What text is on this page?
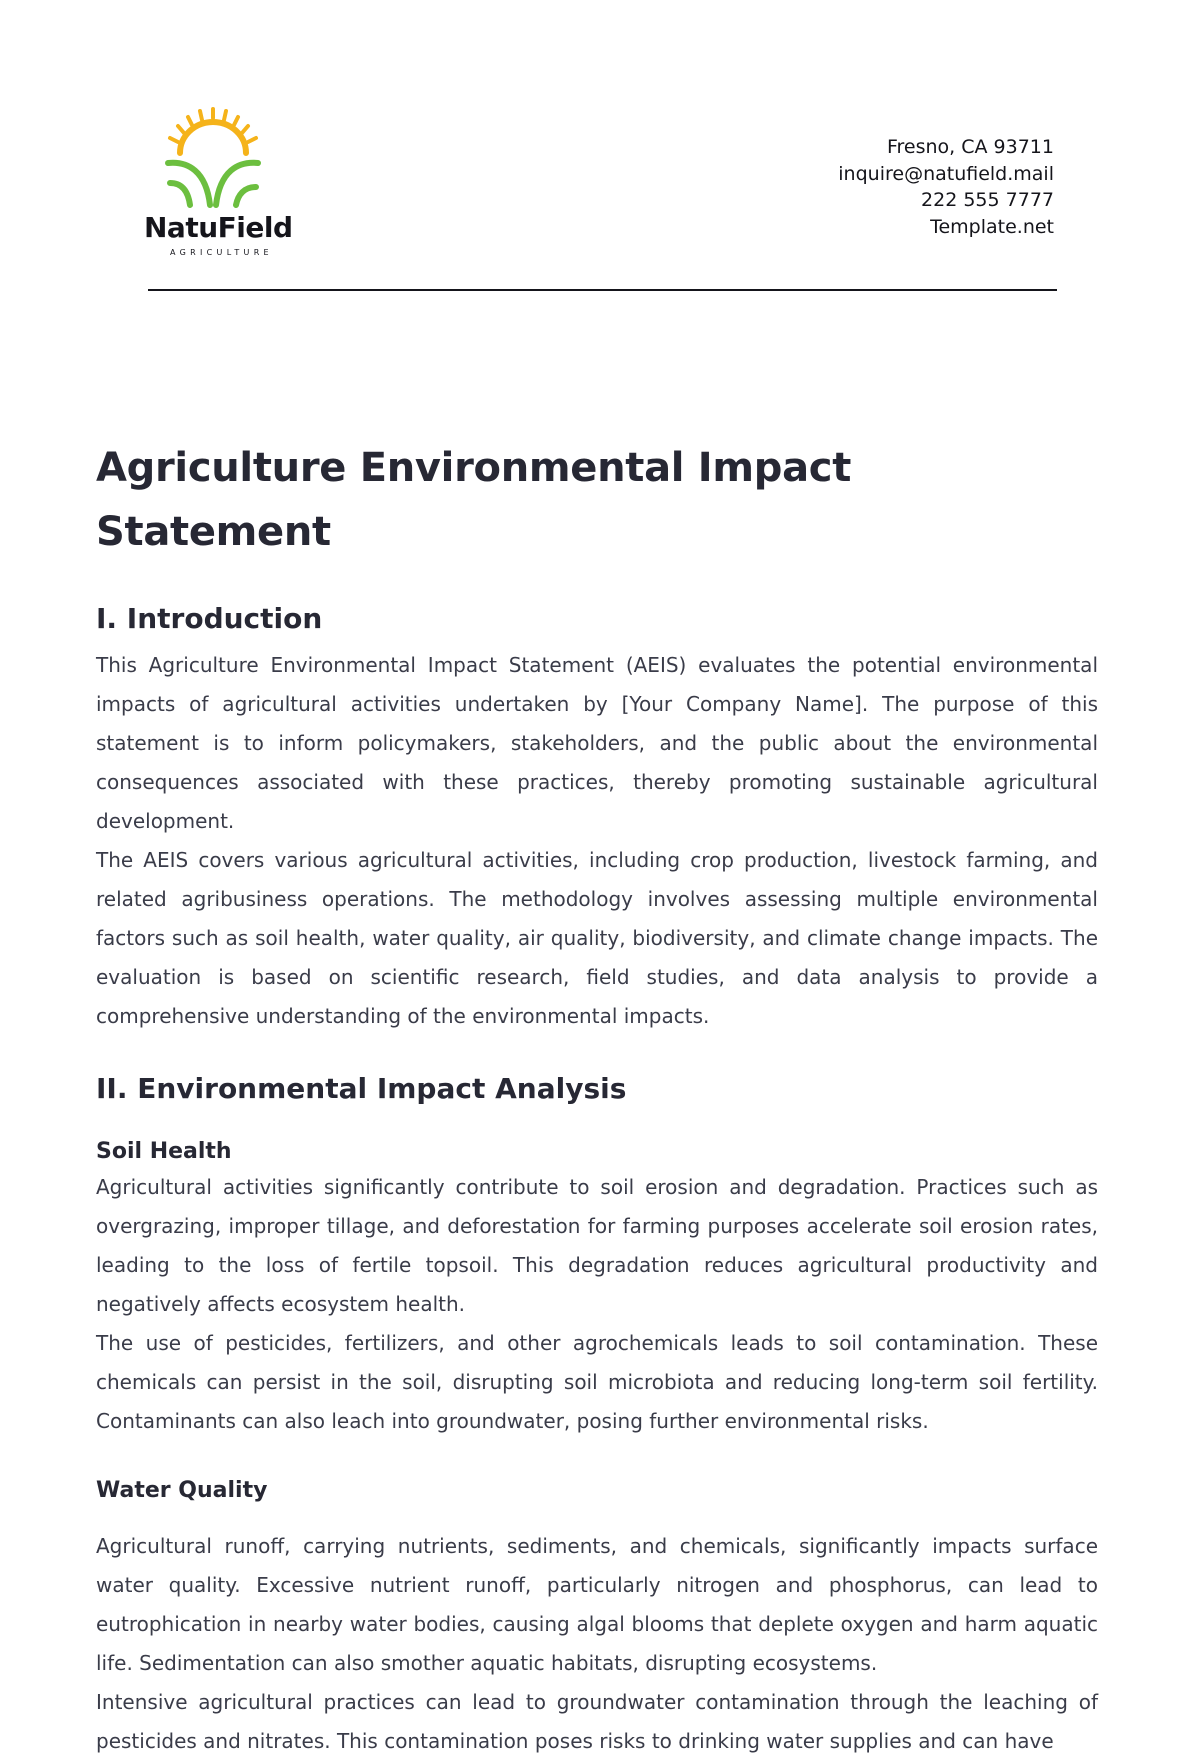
NatuField
AGRICULTURE
Fresno, CA 93711
inquire@natufield.mail
222 555 7777
Template.net
Agriculture Environmental Impact Statement
I. Introduction

This Agriculture Environmental Impact Statement (AEIS) evaluates the potential environmental impacts of agricultural activities undertaken by [Your Company Name]. The purpose of this statement is to inform policymakers, stakeholders, and the public about the environmental consequences associated with these practices, thereby promoting sustainable agricultural development.

The AEIS covers various agricultural activities, including crop production, livestock farming, and related agribusiness operations. The methodology involves assessing multiple environmental factors such as soil health, water quality, air quality, biodiversity, and climate change impacts. The evaluation is based on scientific research, field studies, and data analysis to provide a comprehensive understanding of the environmental impacts.

II. Environmental Impact Analysis
Soil Health

Agricultural activities significantly contribute to soil erosion and degradation. Practices such as overgrazing, improper tillage, and deforestation for farming purposes accelerate soil erosion rates, leading to the loss of fertile topsoil. This degradation reduces agricultural productivity and negatively affects ecosystem health.

The use of pesticides, fertilizers, and other agrochemicals leads to soil contamination. These chemicals can persist in the soil, disrupting soil microbiota and reducing long-term soil fertility. Contaminants can also leach into groundwater, posing further environmental risks.

Water Quality

Agricultural runoff, carrying nutrients, sediments, and chemicals, significantly impacts surface water quality. Excessive nutrient runoff, particularly nitrogen and phosphorus, can lead to eutrophication in nearby water bodies, causing algal blooms that deplete oxygen and harm aquatic life. Sedimentation can also smother aquatic habitats, disrupting ecosystems.

Intensive agricultural practices can lead to groundwater contamination through the leaching of pesticides and nitrates. This contamination poses risks to drinking water supplies and can have
